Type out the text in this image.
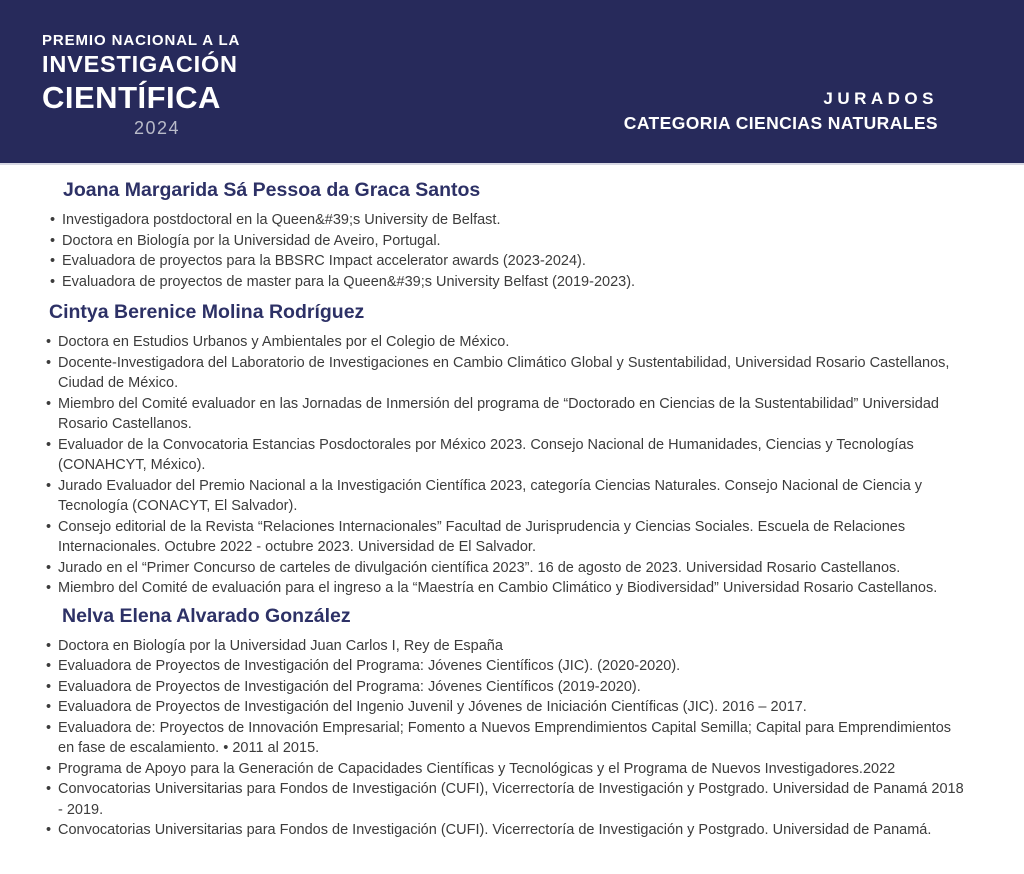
PREMIO NACIONAL A LA
INVESTIGACIÓN
CIENTÍFICA
2024
JURADOS
CATEGORIA CIENCIAS NATURALES
Joana Margarida Sá Pessoa da Graca Santos
• Investigadora postdoctoral en la Queen&#39;s University de Belfast.
• Doctora en Biología por la Universidad de Aveiro, Portugal.
• Evaluadora de proyectos para la BBSRC Impact accelerator awards (2023-2024).
• Evaluadora de proyectos de master para la Queen&#39;s University Belfast (2019-2023).
Cintya Berenice Molina Rodríguez
• Doctora en Estudios Urbanos y Ambientales por el Colegio de México.
• Docente-Investigadora del Laboratorio de Investigaciones en Cambio Climático Global y Sustentabilidad, Universidad Rosario Castellanos, Ciudad de México.
• Miembro del Comité evaluador en las Jornadas de Inmersión del programa de “Doctorado en Ciencias de la Sustentabilidad” Universidad Rosario Castellanos.
• Evaluador de la Convocatoria Estancias Posdoctorales por México 2023. Consejo Nacional de Humanidades, Ciencias y Tecnologías (CONAHCYT, México).
• Jurado Evaluador del Premio Nacional a la Investigación Científica 2023, categoría Ciencias Naturales. Consejo Nacional de Ciencia y Tecnología (CONACYT, El Salvador).
• Consejo editorial de la Revista “Relaciones Internacionales” Facultad de Jurisprudencia y Ciencias Sociales. Escuela de Relaciones Internacionales. Octubre 2022 - octubre 2023. Universidad de El Salvador.
• Jurado en el “Primer Concurso de carteles de divulgación científica 2023”. 16 de agosto de 2023. Universidad Rosario Castellanos.
• Miembro del Comité de evaluación para el ingreso a la “Maestría en Cambio Climático y Biodiversidad” Universidad Rosario Castellanos.
Nelva Elena Alvarado González
• Doctora en Biología por la Universidad Juan Carlos I, Rey de España
• Evaluadora de Proyectos de Investigación del Programa: Jóvenes Científicos (JIC). (2020-2020).
• Evaluadora de Proyectos de Investigación del Programa: Jóvenes Científicos (2019-2020).
• Evaluadora de Proyectos de Investigación del Ingenio Juvenil y Jóvenes de Iniciación Científicas (JIC). 2016 – 2017.
• Evaluadora de: Proyectos de Innovación Empresarial; Fomento a Nuevos Emprendimientos Capital Semilla; Capital para Emprendimientos en fase de escalamiento. • 2011 al 2015.
• Programa de Apoyo para la Generación de Capacidades Científicas y Tecnológicas y el Programa de Nuevos Investigadores.2022
• Convocatorias Universitarias para Fondos de Investigación (CUFI), Vicerrectoría de Investigación y Postgrado. Universidad de Panamá 2018 - 2019.
• Convocatorias Universitarias para Fondos de Investigación (CUFI). Vicerrectoría de Investigación y Postgrado. Universidad de Panamá.
